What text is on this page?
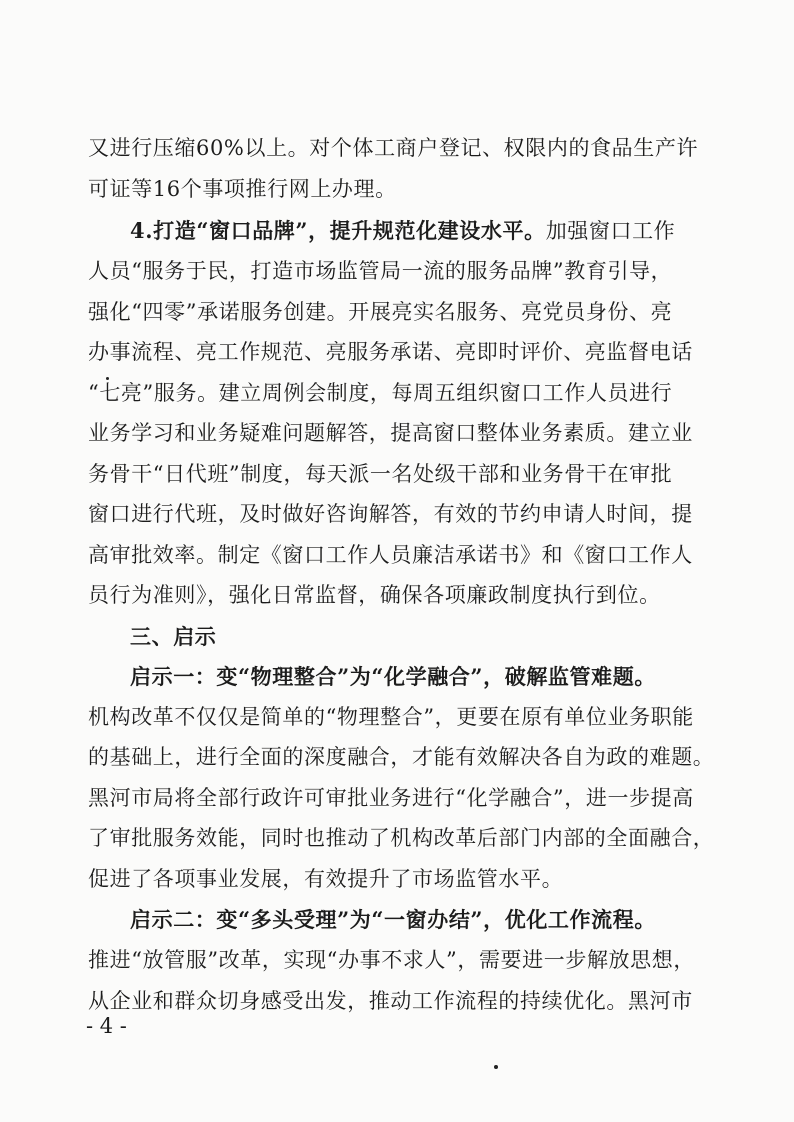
又进行压缩60%以上。对个体工商户登记、权限内的食品生产许
可证等16个事项推行网上办理。
4.打造“窗口品牌”，提升规范化建设水平。加强窗口工作
人员“服务于民，打造市场监管局一流的服务品牌”教育引导，
强化“四零”承诺服务创建。开展亮实名服务、亮党员身份、亮
办事流程、亮工作规范、亮服务承诺、亮即时评价、亮监督电话
“七亮”服务。建立周例会制度，每周五组织窗口工作人员进行
业务学习和业务疑难问题解答，提高窗口整体业务素质。建立业
务骨干“日代班”制度，每天派一名处级干部和业务骨干在审批
窗口进行代班，及时做好咨询解答，有效的节约申请人时间，提
高审批效率。制定《窗口工作人员廉洁承诺书》和《窗口工作人
员行为准则》，强化日常监督，确保各项廉政制度执行到位。
三、启示
启示一：变“物理整合”为“化学融合”，破解监管难题。
机构改革不仅仅是简单的“物理整合”，更要在原有单位业务职能
的基础上，进行全面的深度融合，才能有效解决各自为政的难题。
黑河市局将全部行政许可审批业务进行“化学融合”，进一步提高
了审批服务效能，同时也推动了机构改革后部门内部的全面融合，
促进了各项事业发展，有效提升了市场监管水平。
启示二：变“多头受理”为“一窗办结”，优化工作流程。
推进“放管服”改革，实现“办事不求人”，需要进一步解放思想，
从企业和群众切身感受出发，推动工作流程的持续优化。黑河市
- 4 -
